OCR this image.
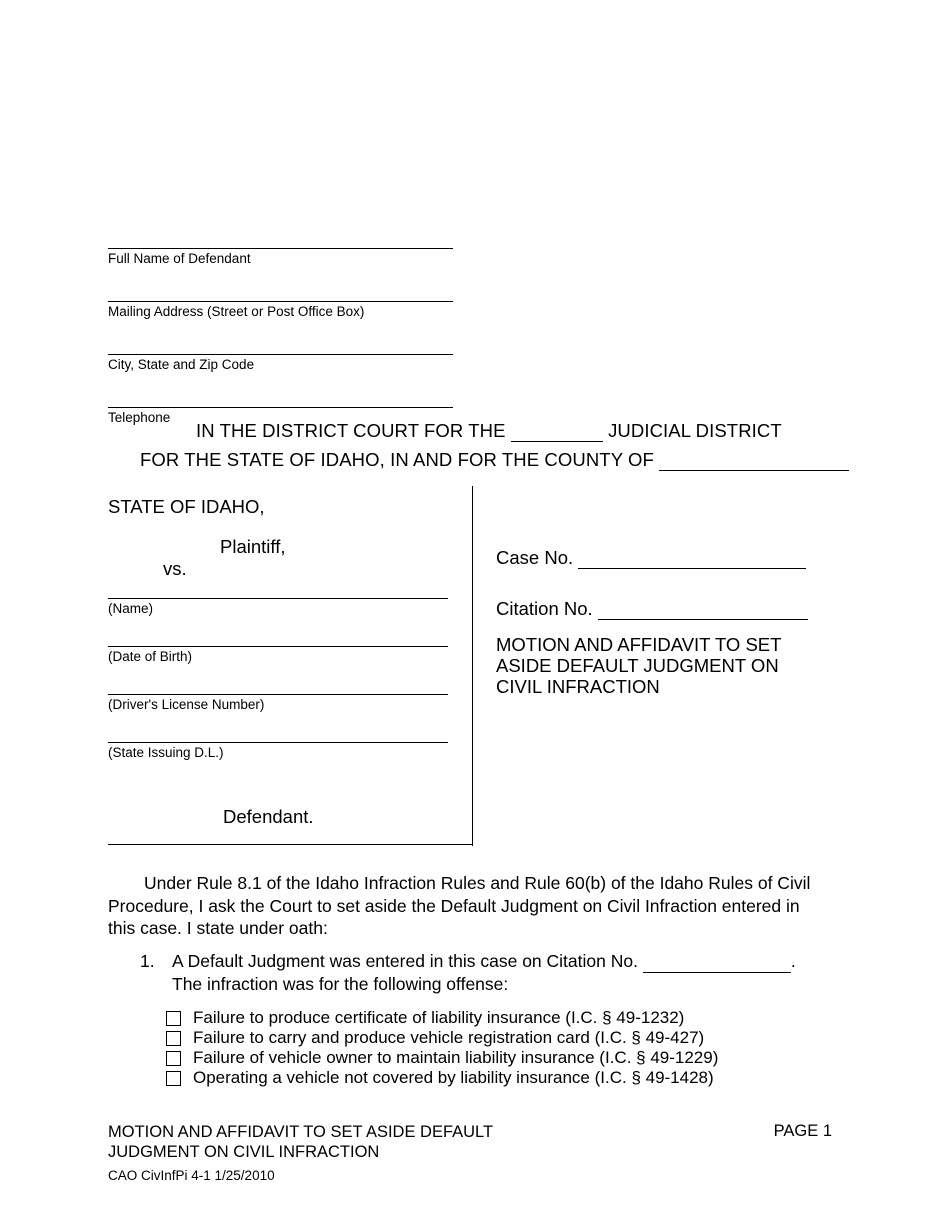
Full Name of Defendant
Mailing Address (Street or Post Office Box)
City, State and Zip Code
Telephone
IN THE DISTRICT COURT FOR THE	JUDICIAL DISTRICT
FOR THE STATE OF IDAHO, IN AND FOR THE COUNTY OF
STATE OF IDAHO,
Plaintiff,
vs.
(Name)
(Date of Birth)
(Driver's License Number)
(State Issuing D.L.)
Defendant.
Case No.
Citation No.
MOTION AND AFFIDAVIT TO SET ASIDE DEFAULT JUDGMENT ON CIVIL INFRACTION
Under Rule 8.1 of the Idaho Infraction Rules and Rule 60(b) of the Idaho Rules of Civil Procedure, I ask the Court to set aside the Default Judgment on Civil Infraction entered in this case. I state under oath:
1. A Default Judgment was entered in this case on Citation No.	. The infraction was for the following offense:
Failure to produce certificate of liability insurance (I.C. § 49-1232)
Failure to carry and produce vehicle registration card (I.C. § 49-427)
Failure of vehicle owner to maintain liability insurance (I.C. § 49-1229)
Operating a vehicle not covered by liability insurance (I.C. § 49-1428)
MOTION AND AFFIDAVIT TO SET ASIDE DEFAULT
JUDGMENT ON CIVIL INFRACTION
PAGE 1
CAO CivInfPi 4-1 1/25/2010
